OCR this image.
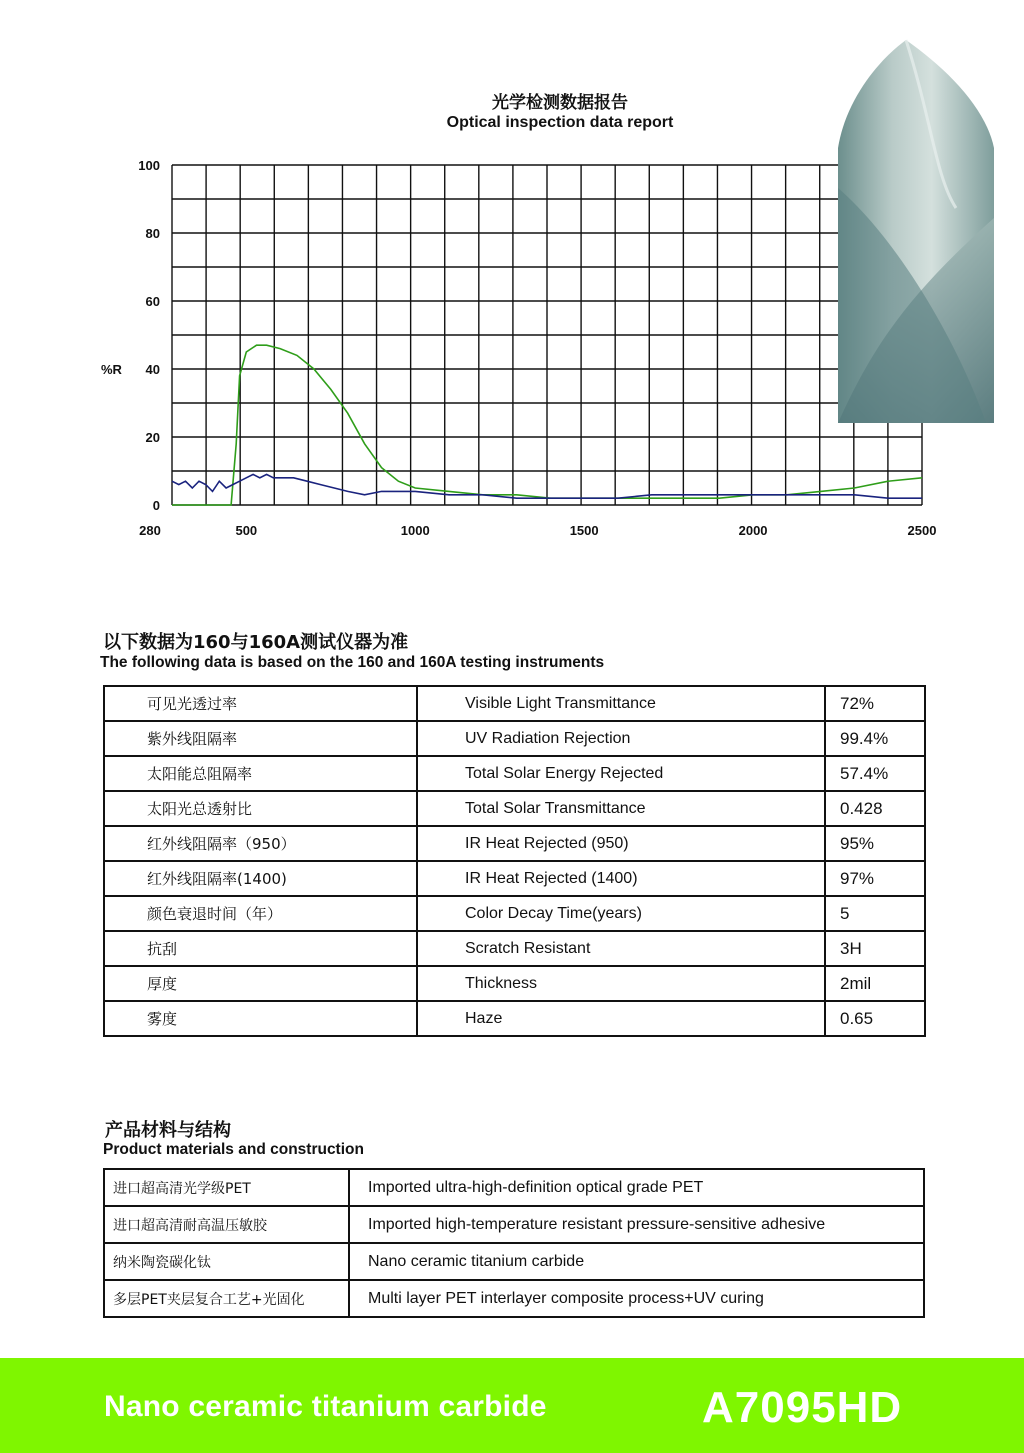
光学检测数据报告
Optical inspection data report
0
20
40
60
80
100
280	500	1000	1500	2000	2500
%R
以下数据为160与160A测试仪器为准
The following data is based on the 160 and 160A testing instruments
可见光透过率	Visible Light Transmittance	72%
紫外线阻隔率	UV Radiation Rejection	99.4%
太阳能总阻隔率	Total Solar Energy Rejected	57.4%
太阳光总透射比	Total Solar Transmittance	0.428
红外线阻隔率（950）	IR Heat Rejected (950)	95%
红外线阻隔率(1400)	IR Heat Rejected (1400)	97%
颜色衰退时间（年）	Color Decay Time(years)	5
抗刮	Scratch Resistant	3H
厚度	Thickness	2mil
雾度	Haze	0.65
产品材料与结构
Product materials and construction
进口超高清光学级PET	Imported ultra-high-definition optical grade PET
进口超高清耐高温压敏胶	Imported high-temperature resistant pressure-sensitive adhesive
纳米陶瓷碳化钛	Nano ceramic titanium carbide
多层PET夹层复合工艺+光固化	Multi layer PET interlayer composite process+UV curing
Nano ceramic titanium carbide	A7095HD
